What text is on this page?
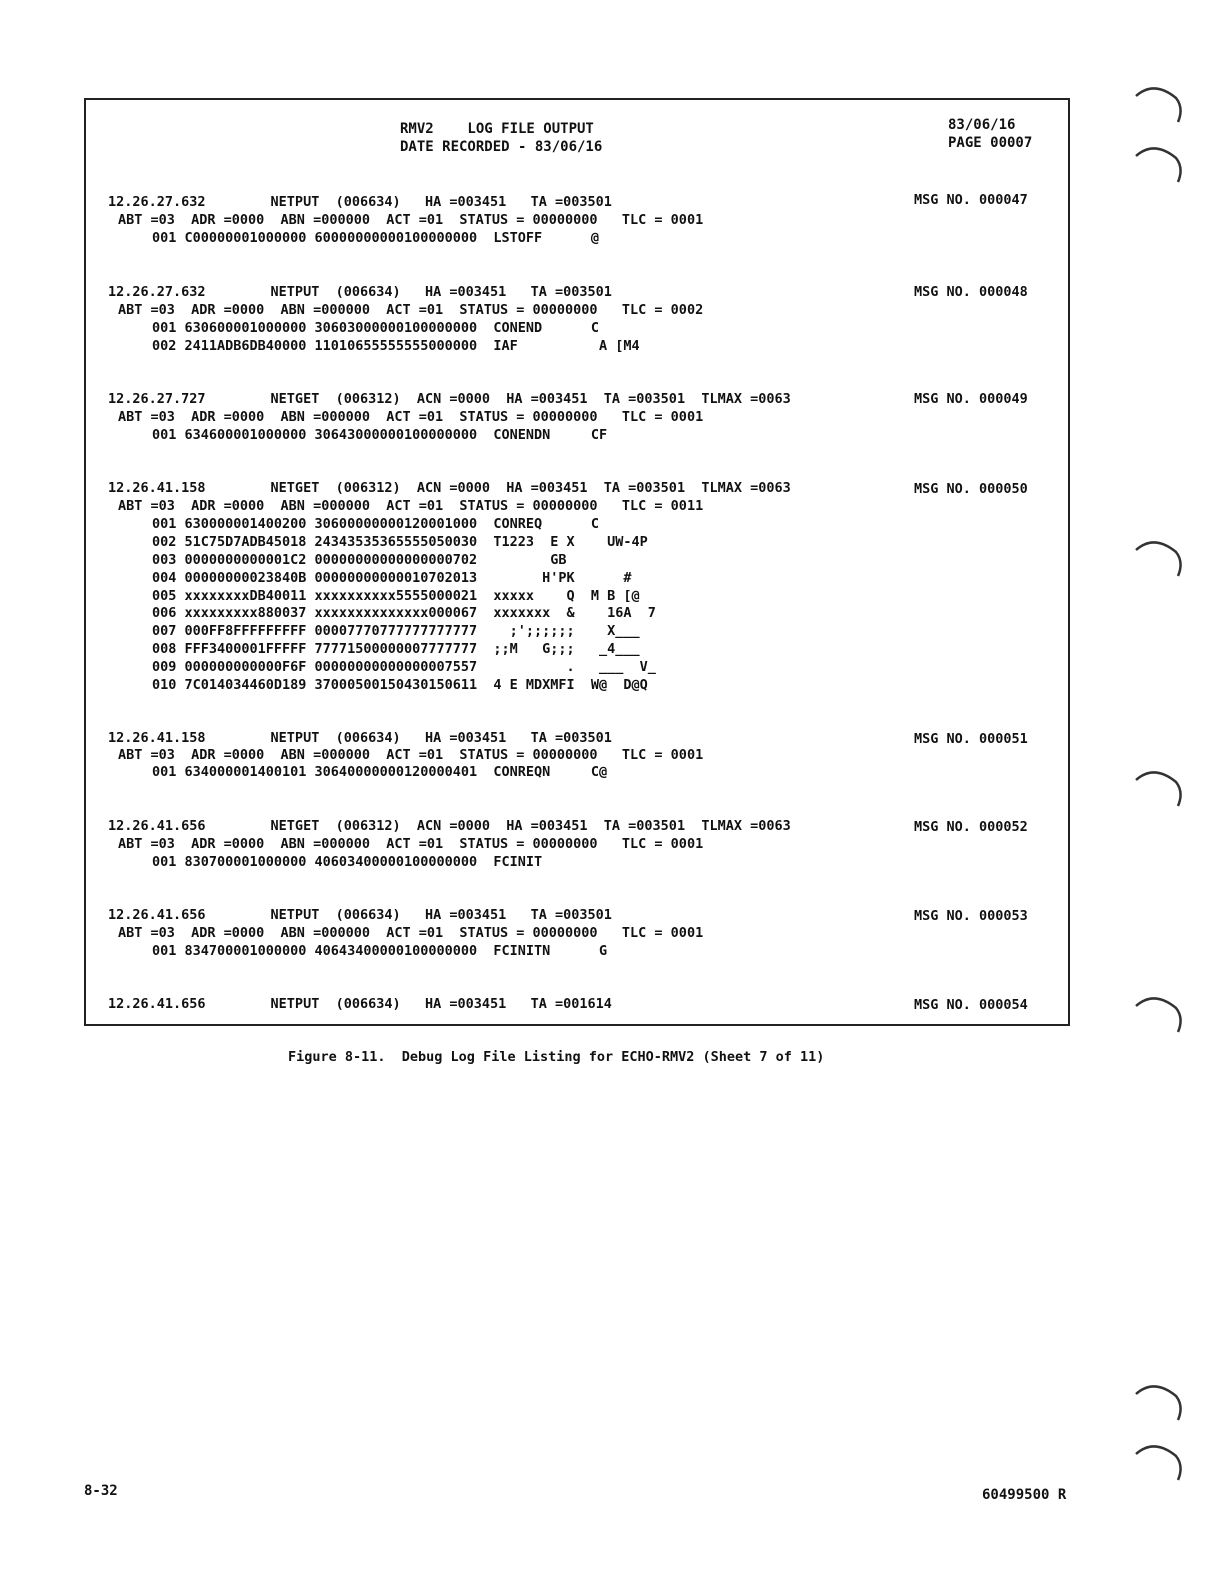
RMV2    LOG FILE OUTPUT
DATE RECORDED - 83/06/16
83/06/16
PAGE 00007
12.26.27.632        NETPUT  (006634)   HA =003451   TA =003501	MSG NO. 000047
ABT =03  ADR =0000  ABN =000000  ACT =01  STATUS = 00000000   TLC = 0001
001 C00000001000000 60000000000100000000  LSTOFF      @
12.26.27.632        NETPUT  (006634)   HA =003451   TA =003501	MSG NO. 000048
ABT =03  ADR =0000  ABN =000000  ACT =01  STATUS = 00000000   TLC = 0002
001 630600001000000 30603000000100000000  CONEND      C
002 2411ADB6DB40000 11010655555555000000  IAF          A [M4
12.26.27.727        NETGET  (006312)  ACN =0000  HA =003451  TA =003501  TLMAX =0063	MSG NO. 000049
ABT =03  ADR =0000  ABN =000000  ACT =01  STATUS = 00000000   TLC = 0001
001 634600001000000 30643000000100000000  CONENDN     CF
12.26.41.158        NETGET  (006312)  ACN =0000  HA =003451  TA =003501  TLMAX =0063	MSG NO. 000050
ABT =03  ADR =0000  ABN =000000  ACT =01  STATUS = 00000000   TLC = 0011
001 630000001400200 30600000000120001000  CONREQ      C
002 51C75D7ADB45018 24343535365555050030  T1223  E X    UW-4P
003 0000000000001C2 00000000000000000702         GB
004 00000000023840B 00000000000010702013        H'PK      #
005 xxxxxxxxDB40011 xxxxxxxxxx5555000021  xxxxx    Q  M B [@
006 xxxxxxxxx880037 xxxxxxxxxxxxxx000067  xxxxxxx  &    16A  7
007 000FF8FFFFFFFFF 00007770777777777777    ;';;;;;;    X___
008 FFF3400001FFFFF 77771500000007777777  ;;M   G;;;   _4___
009 000000000000F6F 00000000000000007557           .   ___  V_
010 7C014034460D189 37000500150430150611  4 E MDXMFI  W@  D@Q
12.26.41.158        NETPUT  (006634)   HA =003451   TA =003501	MSG NO. 000051
ABT =03  ADR =0000  ABN =000000  ACT =01  STATUS = 00000000   TLC = 0001
001 634000001400101 30640000000120000401  CONREQN     C@
12.26.41.656        NETGET  (006312)  ACN =0000  HA =003451  TA =003501  TLMAX =0063	MSG NO. 000052
ABT =03  ADR =0000  ABN =000000  ACT =01  STATUS = 00000000   TLC = 0001
001 830700001000000 40603400000100000000  FCINIT
12.26.41.656        NETPUT  (006634)   HA =003451   TA =003501	MSG NO. 000053
ABT =03  ADR =0000  ABN =000000  ACT =01  STATUS = 00000000   TLC = 0001
001 834700001000000 40643400000100000000  FCINITN      G
12.26.41.656        NETPUT  (006634)   HA =003451   TA =001614	MSG NO. 000054
Figure 8-11.  Debug Log File Listing for ECHO-RMV2 (Sheet 7 of 11)
8-32	60499500 R
